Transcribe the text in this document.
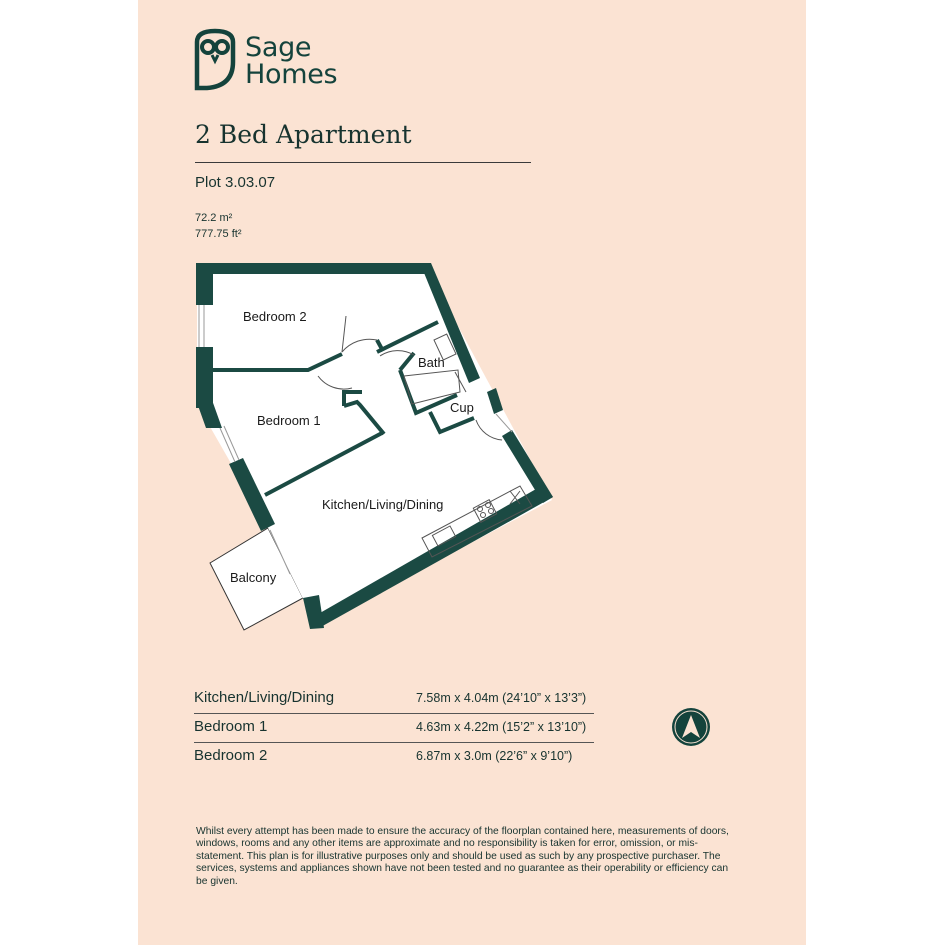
Sage
Homes
2 Bed Apartment
Plot 3.03.07
72.2 m²
777.75 ft²
Bedroom 2
Bedroom 1
Bath
Cup
Kitchen/Living/Dining
Balcony
Kitchen/Living/Dining	7.58m x 4.04m (24’10” x 13’3”)
Bedroom 1	4.63m x 4.22m (15’2” x 13’10”)
Bedroom 2	6.87m x 3.0m (22’6” x 9’10”)
Whilst every attempt has been made to ensure the accuracy of the floorplan contained here, measurements of doors, windows, rooms and any other items are approximate and no responsibility is taken for error, omission, or mis-statement. This plan is for illustrative purposes only and should be used as such by any prospective purchaser. The services, systems and appliances shown have not been tested and no guarantee as their operability or efficiency can be given.
